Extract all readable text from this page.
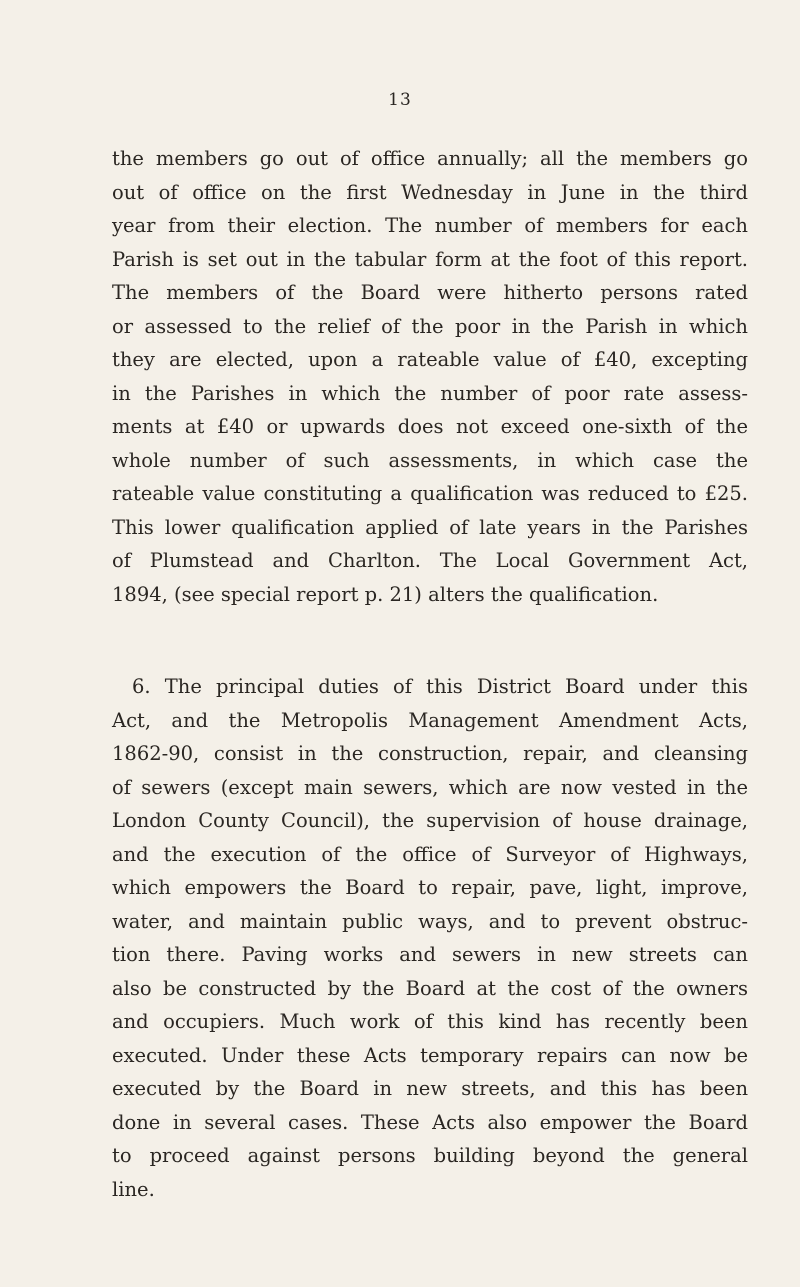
13
the members go out of office annually; all the members go
out of office on the first Wednesday in June in the third
year from their election. The number of members for each
Parish is set out in the tabular form at the foot of this report.
The members of the Board were hitherto persons rated
or assessed to the relief of the poor in the Parish in which
they are elected, upon a rateable value of £40, excepting
in the Parishes in which the number of poor rate assess-
ments at £40 or upwards does not exceed one-sixth of the
whole number of such assessments, in which case the
rateable value constituting a qualification was reduced to £25.
This lower qualification applied of late years in the Parishes
of Plumstead and Charlton. The Local Government Act,
1894, (see special report p. 21) alters the qualification.
6. The principal duties of this District Board under this
Act, and the Metropolis Management Amendment Acts,
1862-90, consist in the construction, repair, and cleansing
of sewers (except main sewers, which are now vested in the
London County Council), the supervision of house drainage,
and the execution of the office of Surveyor of Highways,
which empowers the Board to repair, pave, light, improve,
water, and maintain public ways, and to prevent obstruc-
tion there. Paving works and sewers in new streets can
also be constructed by the Board at the cost of the owners
and occupiers. Much work of this kind has recently been
executed. Under these Acts temporary repairs can now be
executed by the Board in new streets, and this has been
done in several cases. These Acts also empower the Board
to proceed against persons building beyond the general
line.
